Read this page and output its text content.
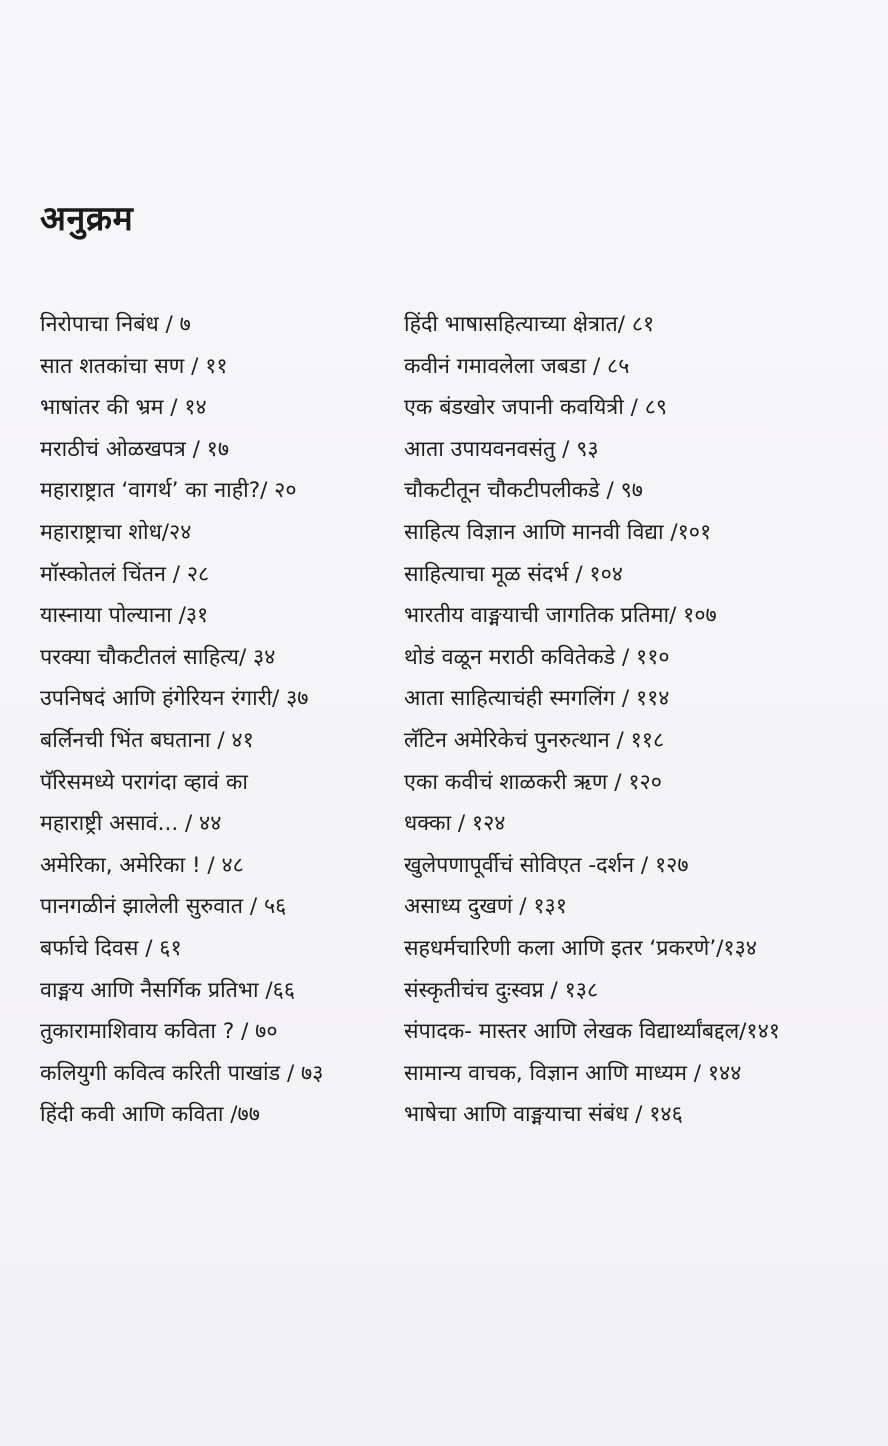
अनुक्रम
निरोपाचा निबंध / ७
सात शतकांचा सण / ११
भाषांतर की भ्रम / १४
मराठीचं ओळखपत्र / १७
महाराष्ट्रात ‘वागर्थ’ का नाही?/ २०
महाराष्ट्राचा शोध/२४
मॉस्कोतलं चिंतन / २८
यास्नाया पोल्याना /३१
परक्या चौकटीतलं साहित्य/ ३४
उपनिषदं आणि हंगेरियन रंगारी/ ३७
बर्लिनची भिंत बघताना / ४१
पॅरिसमध्ये परागंदा व्हावं का
महाराष्ट्री असावं... / ४४
अमेरिका, अमेरिका ! / ४८
पानगळीनं झालेली सुरुवात / ५६
बर्फाचे दिवस / ६१
वाङ्मय आणि नैसर्गिक प्रतिभा /६६
तुकारामाशिवाय कविता ? / ७०
कलियुगी कवित्व करिती पाखांड / ७३
हिंदी कवी आणि कविता /७७
हिंदी भाषासहित्याच्या क्षेत्रात/ ८१
कवीनं गमावलेला जबडा / ८५
एक बंडखोर जपानी कवयित्री / ८९
आता उपायवनवसंतु / ९३
चौकटीतून चौकटीपलीकडे / ९७
साहित्य विज्ञान आणि मानवी विद्या /१०१
साहित्याचा मूळ संदर्भ / १०४
भारतीय वाङ्मयाची जागतिक प्रतिमा/ १०७
थोडं वळून मराठी कवितेकडे / ११०
आता साहित्याचंही स्मगलिंग / ११४
लॅटिन अमेरिकेचं पुनरुत्थान / ११८
एका कवीचं शाळकरी ऋण / १२०
धक्का / १२४
खुलेपणापूर्वीचं सोविएत -दर्शन / १२७
असाध्य दुखणं / १३१
सहधर्मचारिणी कला आणि इतर ‘प्रकरणे’/१३४
संस्कृतीचंच दुःस्वप्न / १३८
संपादक- मास्तर आणि लेखक विद्यार्थ्यांबद्दल/१४१
सामान्य वाचक, विज्ञान आणि माध्यम / १४४
भाषेचा आणि वाङ्मयाचा संबंध / १४६
